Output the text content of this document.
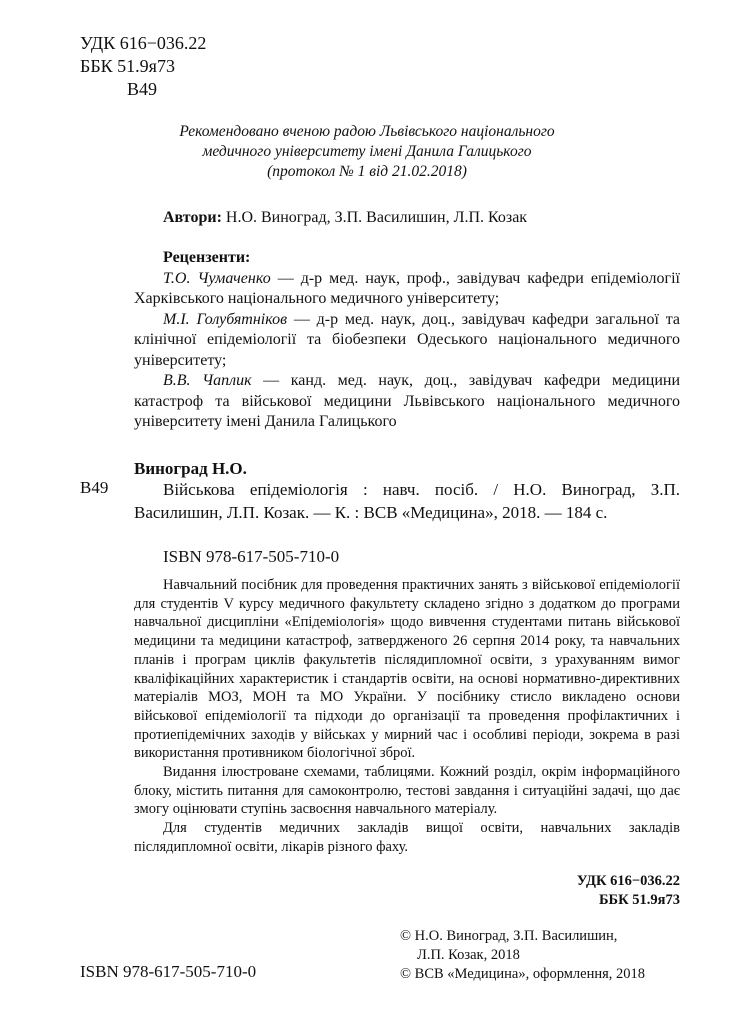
УДК 616−036.22
ББК 51.9я73
В49
Рекомендовано вченою радою Львівського національного
медичного університету імені Данила Галицького
(протокол № 1 від 21.02.2018)
Автори: Н.О. Виноград, З.П. Василишин, Л.П. Козак
Рецензенти:

Т.О. Чумаченко — д-р мед. наук, проф., завідувач кафедри епідеміології Харківського національного медичного університету;

М.І. Голубятніков — д-р мед. наук, доц., завідувач кафедри загальної та клінічної епідеміології та біобезпеки Одеського національного медичного університету;

В.В. Чаплик — канд. мед. наук, доц., завідувач кафедри медицини катастроф та військової медицини Львівського національного медичного університету імені Данила Галицького

Виноград Н.О.
В49	Військова епідеміологія : навч. посіб. / Н.О. Виноград, З.П. Василишин, Л.П. Козак. — К. : ВСВ «Медицина», 2018. — 184 с.
ISBN 978-617-505-710-0

Навчальний посібник для проведення практичних занять з військової епідеміології для студентів V курсу медичного факультету складено згідно з додатком до програми навчальної дисципліни «Епідеміологія» щодо вивчення студентами питань військової медицини та медицини катастроф, затвердженого 26 серпня 2014 року, та навчальних планів і програм циклів факультетів післядипломної освіти, з урахуванням вимог кваліфікаційних характеристик і стандартів освіти, на основі нормативно-директивних матеріалів МОЗ, МОН та МО України. У посібнику стисло викладено основи військової епідеміології та підходи до організації та проведення профілактичних і протиепідемічних заходів у військах у мирний час і особливі періоди, зокрема в разі використання противником біологічної зброї.

Видання ілюстроване схемами, таблицями. Кожний розділ, окрім інформаційного блоку, містить питання для самоконтролю, тестові завдання і ситуаційні задачі, що дає змогу оцінювати ступінь засвоєння навчального матеріалу.

Для студентів медичних закладів вищої освіти, навчальних закладів післядипломної освіти, лікарів різного фаху.

УДК 616−036.22
ББК 51.9я73
© Н.О. Виноград, З.П. Василишин,
Л.П. Козак, 2018
© ВСВ «Медицина», оформлення, 2018
ISBN 978-617-505-710-0
